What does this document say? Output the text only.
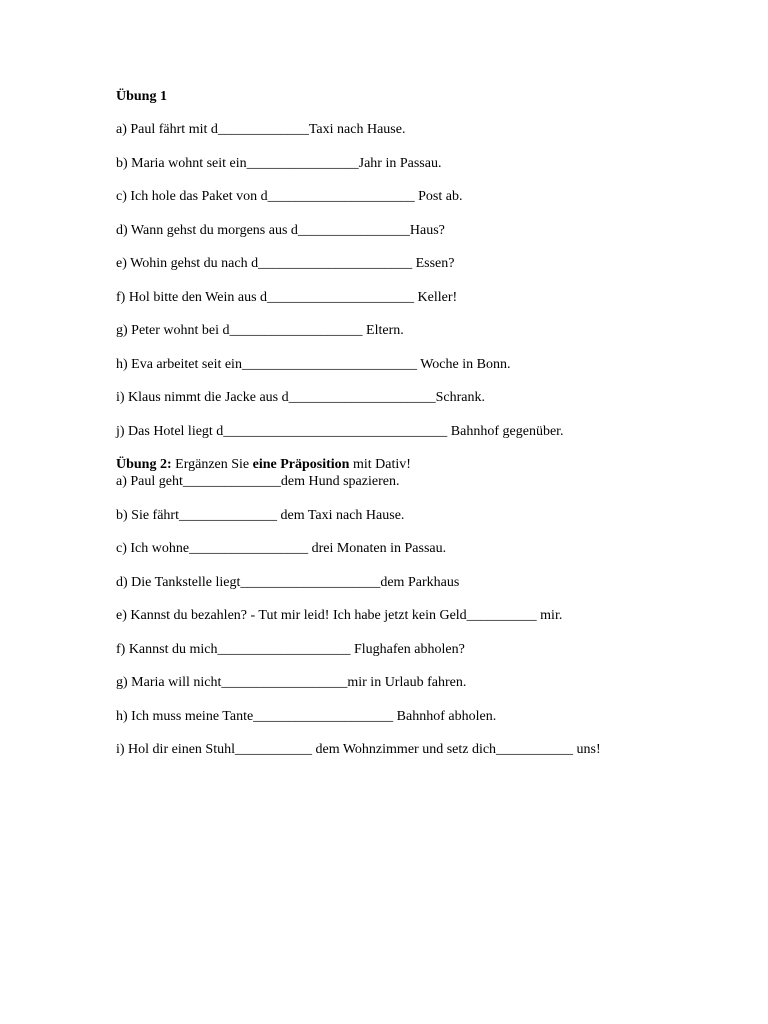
Übung 1
a) Paul fährt mit d_____________Taxi nach Hause.
b) Maria wohnt seit ein________________Jahr in Passau.
c) Ich hole das Paket von d_____________________ Post ab.
d) Wann gehst du morgens aus d________________Haus?
e) Wohin gehst du nach d______________________ Essen?
f) Hol bitte den Wein aus d_____________________ Keller!
g) Peter wohnt bei d___________________ Eltern.
h) Eva arbeitet seit ein_________________________ Woche in Bonn.
i) Klaus nimmt die Jacke aus d_____________________Schrank.
j) Das Hotel liegt d________________________________ Bahnhof gegenüber.
Übung 2: Ergänzen Sie eine Präposition mit Dativ!
a) Paul geht______________dem Hund spazieren.
b) Sie fährt______________ dem Taxi nach Hause.
c) Ich wohne_________________ drei Monaten in Passau.
d) Die Tankstelle liegt____________________dem Parkhaus
e) Kannst du bezahlen? - Tut mir leid! Ich habe jetzt kein Geld__________ mir.
f) Kannst du mich___________________ Flughafen abholen?
g) Maria will nicht__________________mir in Urlaub fahren.
h) Ich muss meine Tante____________________ Bahnhof abholen.
i) Hol dir einen Stuhl___________ dem Wohnzimmer und setz dich___________ uns!
